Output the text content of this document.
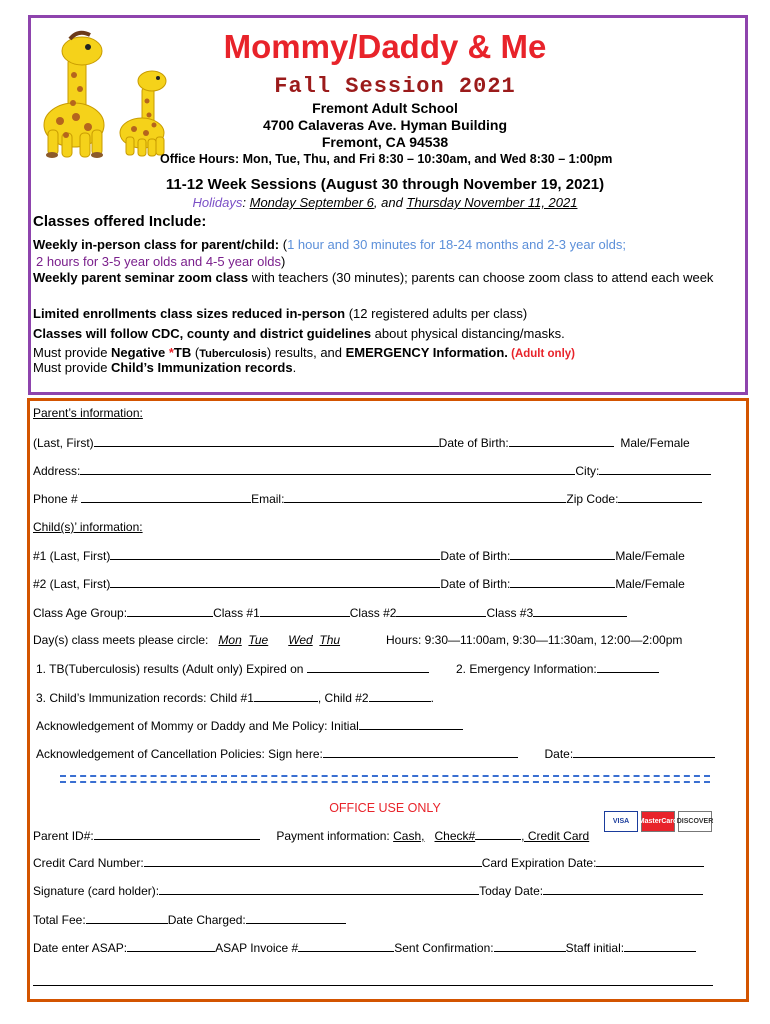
Mommy/Daddy & Me
Fall Session 2021
Fremont Adult School
4700 Calaveras Ave. Hyman Building
Fremont, CA 94538
Office Hours: Mon, Tue, Thu, and Fri 8:30 – 10:30am, and Wed 8:30 – 1:00pm
11-12 Week Sessions (August 30 through November 19, 2021)
Holidays: Monday September 6, and Thursday November 11, 2021
Classes offered Include:
Weekly in-person class for parent/child: (1 hour and 30 minutes for 18-24 months and 2-3 year olds;
2 hours for 3-5 year olds and 4-5 year olds)
Weekly parent seminar zoom class with teachers (30 minutes); parents can choose zoom class to attend each week
Limited enrollments class sizes reduced in-person (12 registered adults per class)
Classes will follow CDC, county and district guidelines about physical distancing/masks.
Must provide Negative *TB (Tuberculosis) results, and EMERGENCY Information. (Adult only)
Must provide Child’s Immunization records.
Parent’s information:
(Last, First)	Date of Birth:	Male/Female
Address:	City:
Phone #	Email:	Zip Code:
Child(s)’ information:
#1 (Last, First)	Date of Birth:	Male/Female
#2 (Last, First)	Date of Birth:	Male/Female
Class Age Group:	Class #1	Class #2	Class #3
Day(s) class meets please circle: Mon Tue Wed Thu	Hours: 9:30—11:00am, 9:30—11:30am, 12:00—2:00pm
1. TB(Tuberculosis) results (Adult only) Expired on	2. Emergency Information:
3. Child’s Immunization records: Child #1	, Child #2	.
Acknowledgement of Mommy or Daddy and Me Policy: Initial
Acknowledgement of Cancellation Policies: Sign here:	Date:
OFFICE USE ONLY
VISA	MasterCard DISCOVER
Parent ID#:	Payment information: Cash, Check#	, Credit Card
Credit Card Number:	Card Expiration Date:
Signature (card holder):	Today Date:
Total Fee:	Date Charged:
Date enter ASAP:	ASAP Invoice #	Sent Confirmation:	Staff initial:
